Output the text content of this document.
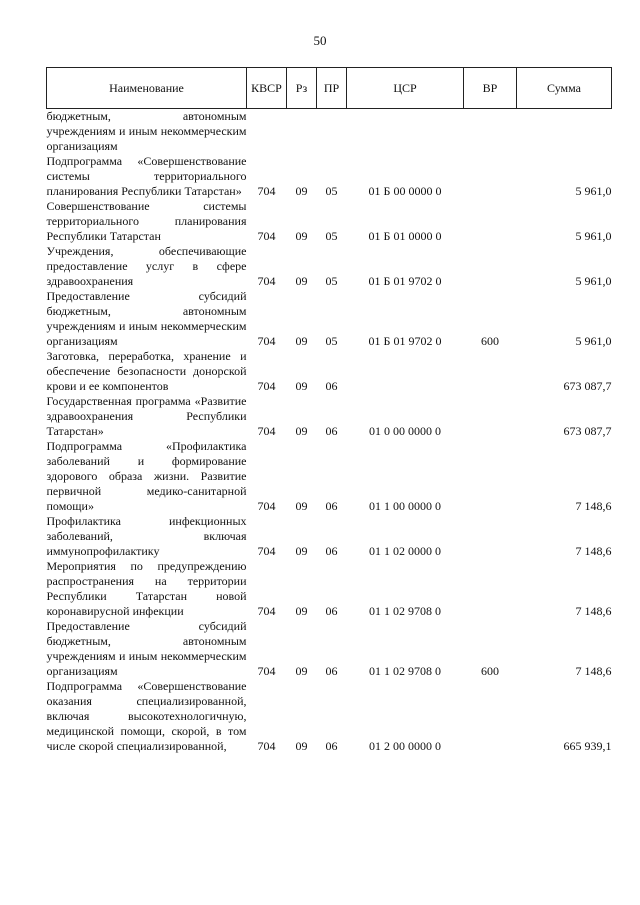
50
Наименование	КВСР	Рз	ПР	ЦСР	ВР	Сумма
бюджетным, автономным учреждениям и иным некоммерческим организациям						
Подпрограмма «Совершенствование системы территориального планирования Республики Татарстан»	704	09	05	01 Б 00 0000 0		5 961,0
Совершенствование системы территориального планирования Республики Татарстан	704	09	05	01 Б 01 0000 0		5 961,0
Учреждения, обеспечивающие предоставление услуг в сфере здравоохранения	704	09	05	01 Б 01 9702 0		5 961,0
Предоставление субсидий бюджетным, автономным учреждениям и иным некоммерческим организациям	704	09	05	01 Б 01 9702 0	600	5 961,0
Заготовка, переработка, хранение и обеспечение безопасности донорской крови и ее компонентов	704	09	06			673 087,7
Государственная программа «Развитие здравоохранения Республики Татарстан»	704	09	06	01 0 00 0000 0		673 087,7
Подпрограмма «Профилактика заболеваний и формирование здорового образа жизни. Развитие первичной медико-санитарной помощи»	704	09	06	01 1 00 0000 0		7 148,6
Профилактика инфекционных заболеваний, включая иммунопрофилактику	704	09	06	01 1 02 0000 0		7 148,6
Мероприятия по предупреждению распространения на территории Республики Татарстан новой коронавирусной инфекции	704	09	06	01 1 02 9708 0		7 148,6
Предоставление субсидий бюджетным, автономным учреждениям и иным некоммерческим организациям	704	09	06	01 1 02 9708 0	600	7 148,6
Подпрограмма «Совершенствование оказания специализированной, включая высокотехнологичную, медицинской помощи, скорой, в том числе скорой специализированной,	704	09	06	01 2 00 0000 0		665 939,1
